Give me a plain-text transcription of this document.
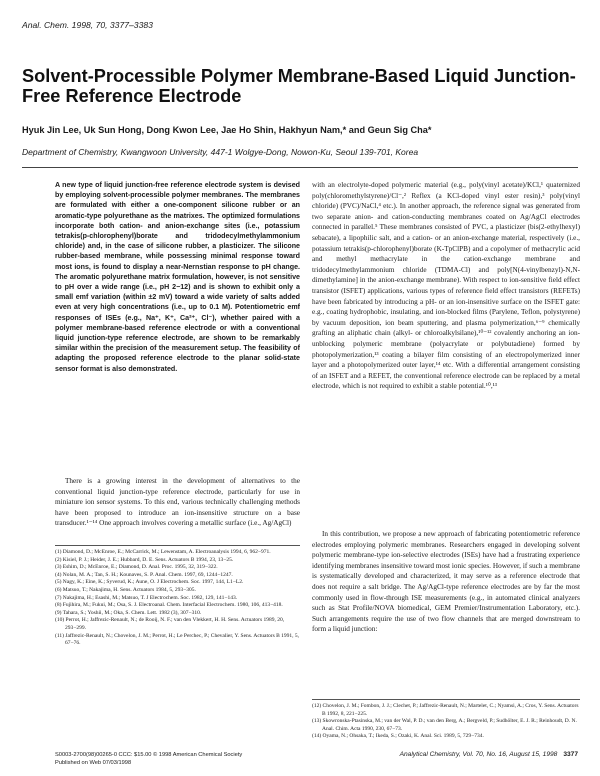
Anal. Chem. 1998, 70, 3377–3383
Solvent-Processible Polymer Membrane-Based Liquid Junction-Free Reference Electrode
Hyuk Jin Lee, Uk Sun Hong, Dong Kwon Lee, Jae Ho Shin, Hakhyun Nam,* and Geun Sig Cha*
Department of Chemistry, Kwangwoon University, 447-1 Wolgye-Dong, Nowon-Ku, Seoul 139-701, Korea
A new type of liquid junction-free reference electrode system is devised by employing solvent-processible polymer membranes. The membranes are formulated with either a one-component silicone rubber or an aromatic-type polyurethane as the matrixes. The optimized formulations incorporate both cation- and anion-exchange sites (i.e., potassium tetrakis(p-chlorophenyl)borate and tridodecylmethylammonium chloride) and, in the case of silicone rubber, a plasticizer. The silicone rubber-based membrane, while possessing minimal response toward most ions, is found to display a near-Nernstian response to pH change. The aromatic polyurethane matrix formulation, however, is not sensitive to pH over a wide range (i.e., pH 2−12) and is shown to exhibit only a small emf variation (within ±2 mV) toward a wide variety of salts added even at very high concentrations (i.e., up to 0.1 M). Potentiometric emf responses of ISEs (e.g., Na⁺, K⁺, Ca²⁺, Cl⁻), whether paired with a polymer membrane-based reference electrode or with a conventional liquid junction-type reference electrode, are shown to be remarkably similar within the precision of the measurement setup. The feasibility of adapting the proposed reference electrode to the planar solid-state sensor format is also demonstrated.
There is a growing interest in the development of alternatives to the conventional liquid junction-type reference electrode, particularly for use in miniature ion sensor systems. To this end, various technically challenging methods have been proposed to introduce an ion-insensitive structure on a base transducer.¹⁻¹⁴ One approach involves covering a metallic surface (i.e., Ag/AgCl)
(1) Diamond, D.; McEnroe, E.; McCarrick, M.; Lewenstam, A. Electroanalysis 1994, 6, 962−971.
(2) Kisiel, P. J.; Heider, J. E.; Hubbard, D. E. Sens. Actuators B 1994, 23, 13−25.
(3) Eshim, D.; McEnroe, E.; Diamond, D. Anal. Proc. 1995, 32, 319−322.
(4) Nolan, M. A.; Tan, S. H.; Kounaves, S. P. Anal. Chem. 1997, 69, 1244−1247.
(5) Nagy, K.; Eine, K.; Syverud, K.; Aune, O. J Electrochem. Soc. 1997, 144, L1−L2.
(6) Matsuo, T.; Nakajima, H. Sens. Actuators 1984, 5, 293−305.
(7) Nakajima, H.; Esashi, M.; Matsuo, T. J Electrochem. Soc. 1982, 129, 141−143.
(8) Fujihira, M.; Fukui, M.; Osa, S. J. Electroanal. Chem. Interfacial Electrochem. 1980, 106, 413−418.
(9) Tahara, S.; Yoshii, M.; Oka, S. Chem. Lett. 1982 (3), 307−310.
(10) Perrot, H.; Jaffrezic-Renault, N.; de Rooij, N. F.; van den Vlekkert, H. H. Sens. Actuators 1989, 20, 293−299.
(11) Jaffrezic-Renault, N.; Chovelon, J. M.; Perrot, H.; Le Perchec, P.; Chevalier, Y. Sens. Actuators B 1991, 5, 67−76.
with an electrolyte-doped polymeric material (e.g., poly(vinyl acetate)/KCl,¹ quaternized poly(chloromethylstyrene)/Cl⁻,² Reflex (a KCl-doped vinyl ester resin),³ poly(vinyl chloride) (PVC)/NaCl,⁴ etc.). In another approach, the reference signal was generated from two separate anion- and cation-conducting membranes coated on Ag/AgCl electrodes connected in parallel.⁵ These membranes consisted of PVC, a plasticizer (bis(2-ethylhexyl) sebacate), a lipophilic salt, and a cation- or an anion-exchange material, respectively (i.e., potassium tetrakis(p-chlorophenyl)borate (K-TpClPB) and a copolymer of methacrylic acid and methyl methacrylate in the cation-exchange membrane and tridodecylmethylammonium chloride (TDMA-Cl) and poly[N(4-vinylbenzyl)-N,N-dimethylamine] in the anion-exchange membrane). With respect to ion-sensitive field effect transistor (ISFET) applications, various types of reference field effect transistors (REFETs) have been fabricated by introducing a pH- or an ion-insensitive surface on the ISFET gate: e.g., coating hydrophobic, insulating, and ion-blocked films (Parylene, Teflon, polystyrene) by vacuum deposition, ion beam sputtering, and plasma polymerization,⁶⁻⁹ chemically grafting an aliphatic chain (alkyl- or chloroalkylsilane),¹⁰⁻¹² covalently anchoring an ion-unblocking polymeric membrane (polyacrylate or polybutadiene) formed by photopolymerization,¹³ coating a bilayer film consisting of an electropolymerized inner layer and a photopolymerized outer layer,¹⁴ etc. With a differential arrangement consisting of an ISFET and a REFET, the conventional reference electrode can be replaced by a metal electrode, which is not required to exhibit a stable potential.¹⁰,¹³
In this contribution, we propose a new approach of fabricating potentiometric reference electrodes employing polymeric membranes. Researchers engaged in developing solvent polymeric membrane-type ion-selective electrodes (ISEs) have had a frustrating experience identifying membranes insensitive toward most ionic species. However, if such a membrane is systematically developed and characterized, it may serve as a reference electrode that does not require a salt bridge. The Ag/AgCl-type reference electrodes are by far the most commonly used in flow-through ISE measurements (e.g., in automated clinical analyzers such as Stat Profile/NOVA biomedical, GEM Premier/Instrumentation Laboratory, etc.). Such arrangements require the use of two flow channels that are merged downstream to form a liquid junction:
(12) Chovelon, J. M.; Fombon, J. J.; Clechet, P.; Jaffrezic-Renault, N.; Martelet, C.; Nyamsi, A.; Cros, Y. Sens. Actuators B 1992, 8, 221−225.
(13) Skowronska-Ptasinska, M.; van der Wal, P. D.; van den Berg, A.; Bergveld, P.; Sudhölter, E. J. R.; Reinhoudt, D. N. Anal. Chim. Acta 1990, 230, 67−73.
(14) Oyama, N.; Ohsaka, T.; Ikeda, S.; Ozaki, K. Anal. Sci. 1989, 5, 729−734.
S0003-2700(98)00265-0 CCC: $15.00 © 1998 American Chemical Society
Published on Web 07/03/1998
Analytical Chemistry, Vol. 70, No. 16, August 15, 1998 3377
